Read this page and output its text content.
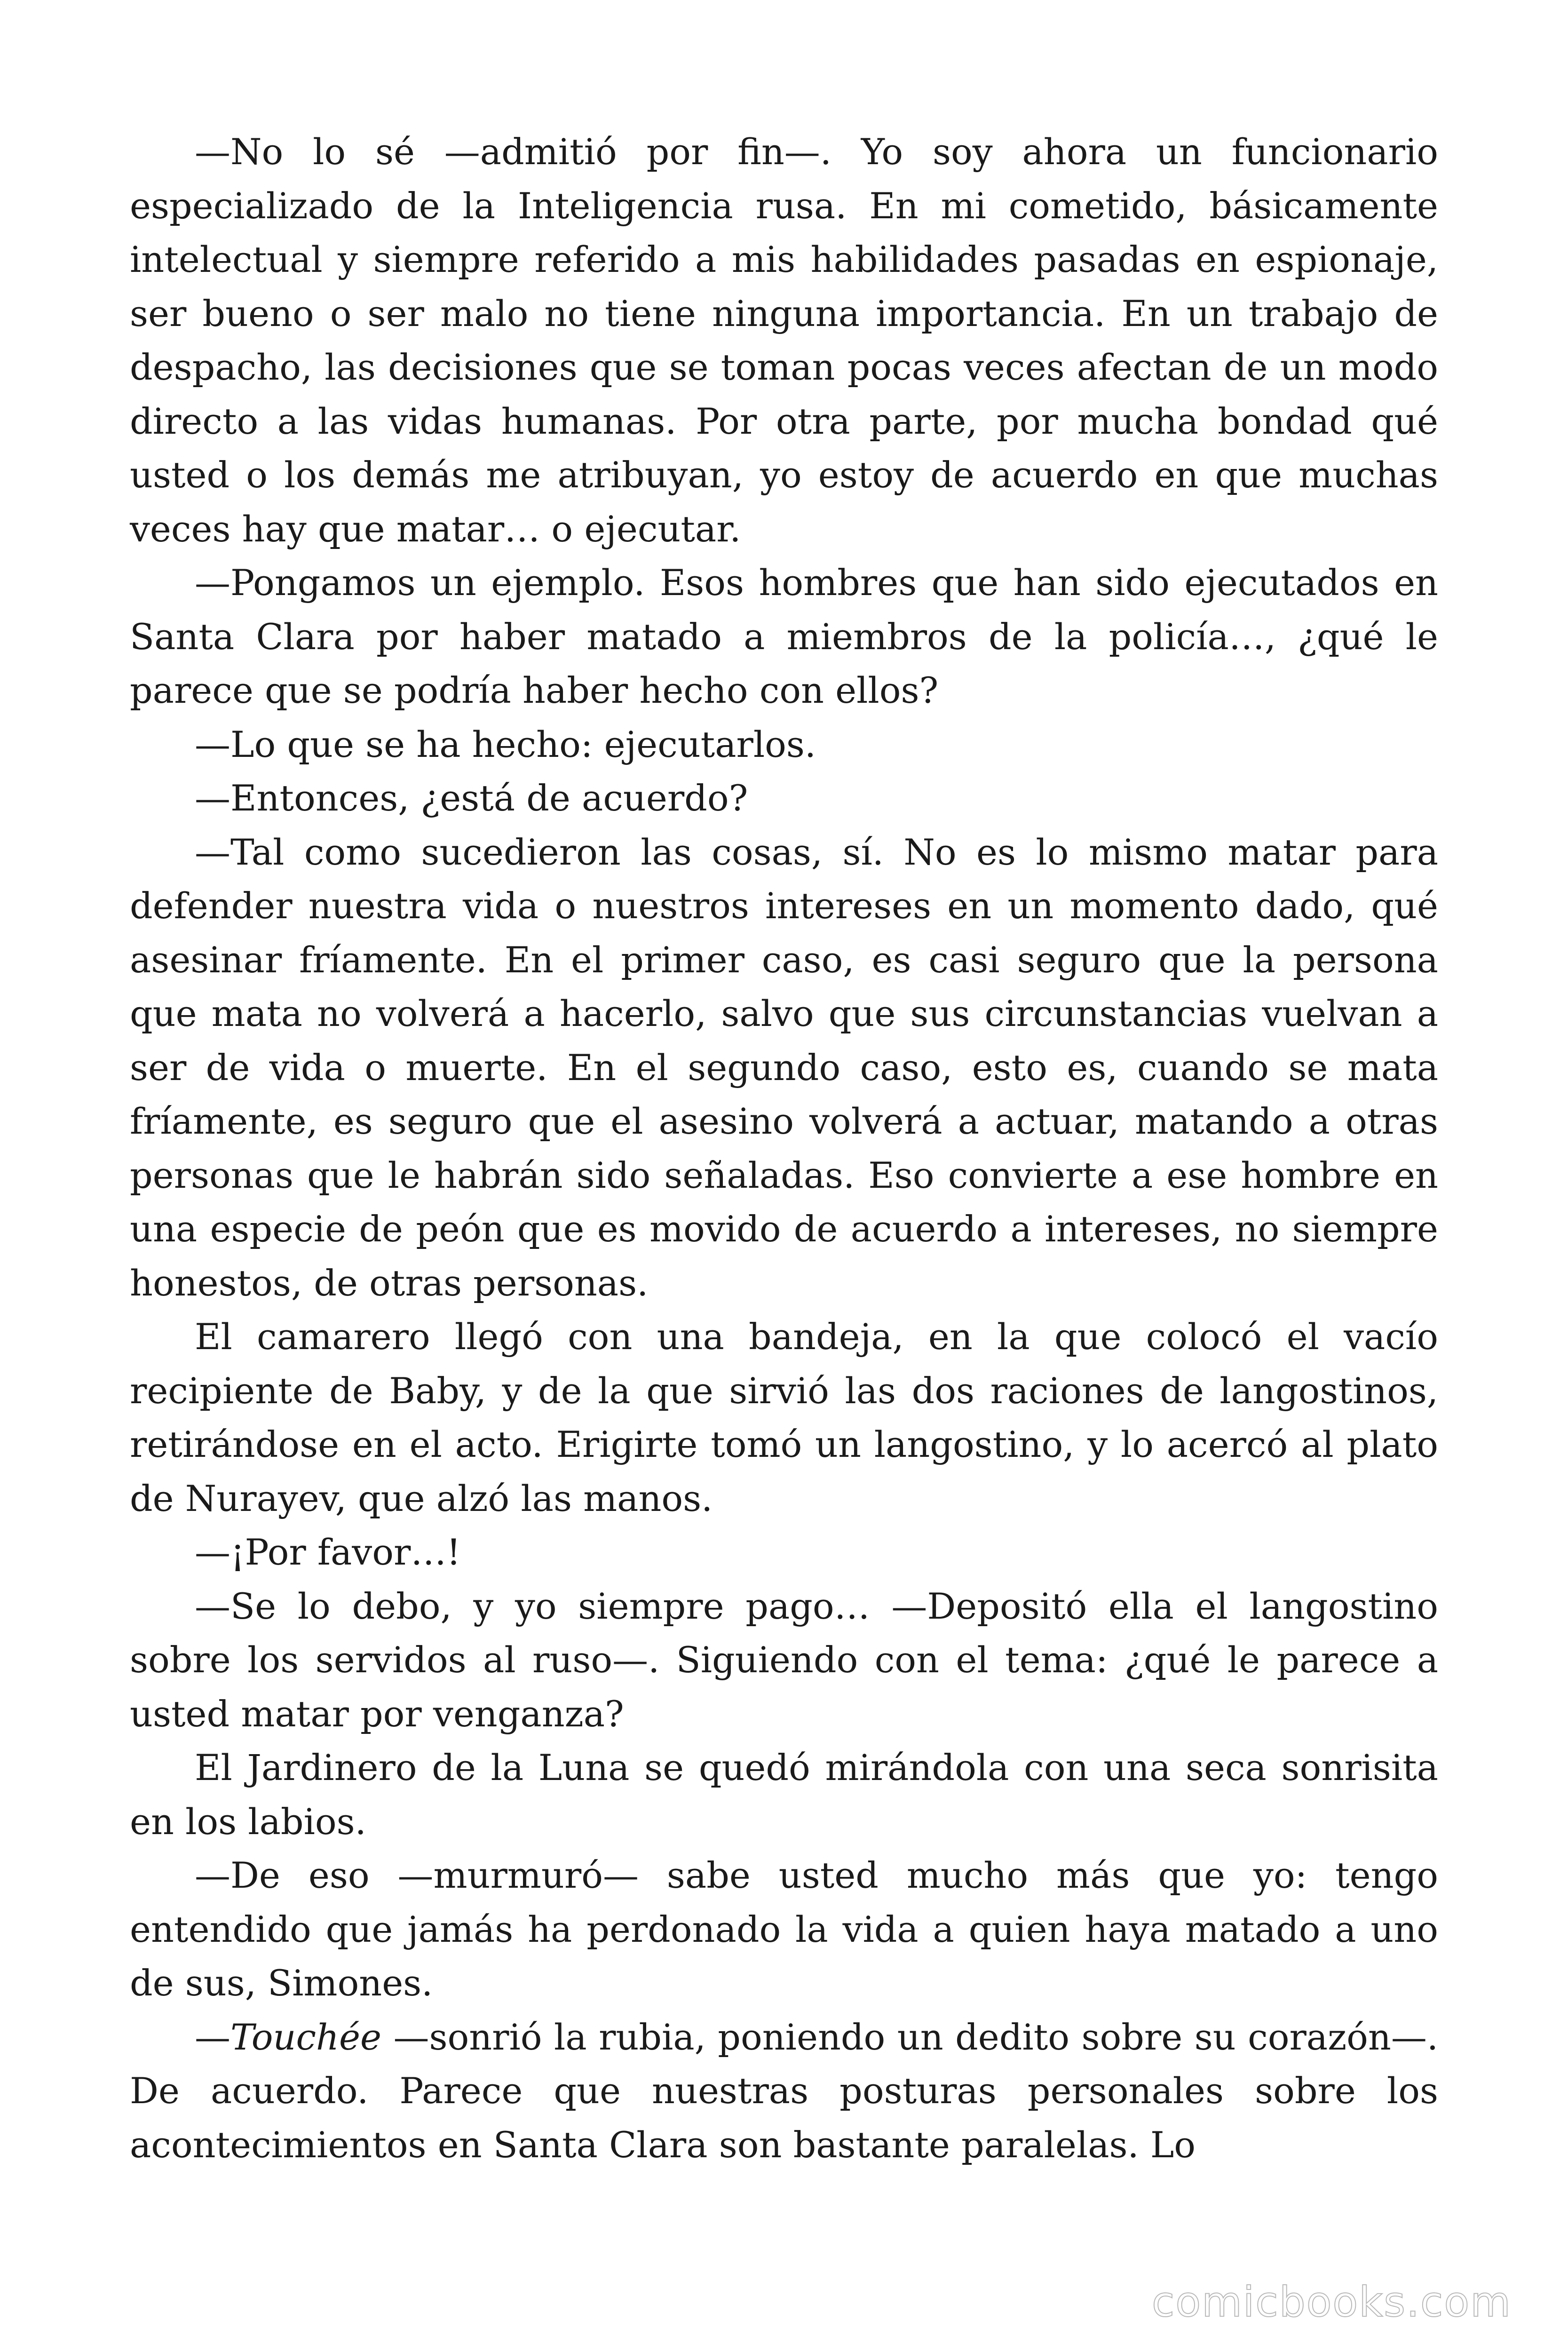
—No lo sé —admitió por fin—. Yo soy ahora un funcionario especializado de la Inteligencia rusa. En mi cometido, básicamente intelectual y siempre referido a mis habilidades pasadas en espionaje, ser bueno o ser malo no tiene ninguna importancia. En un trabajo de despacho, las decisiones que se toman pocas veces afectan de un modo directo a las vidas humanas. Por otra parte, por mucha bondad qué usted o los demás me atribuyan, yo estoy de acuerdo en que muchas veces hay que matar… o ejecutar.

—Pongamos un ejemplo. Esos hombres que han sido ejecutados en Santa Clara por haber matado a miembros de la policía…, ¿qué le parece que se podría haber hecho con ellos?

—Lo que se ha hecho: ejecutarlos.

—Entonces, ¿está de acuerdo?

—Tal como sucedieron las cosas, sí. No es lo mismo matar para defender nuestra vida o nuestros intereses en un momento dado, qué asesinar fríamente. En el primer caso, es casi seguro que la persona que mata no volverá a hacerlo, salvo que sus circunstancias vuelvan a ser de vida o muerte. En el segundo caso, esto es, cuando se mata fríamente, es seguro que el asesino volverá a actuar, matando a otras personas que le habrán sido señaladas. Eso convierte a ese hombre en una especie de peón que es movido de acuerdo a intereses, no siempre honestos, de otras personas.

El camarero llegó con una bandeja, en la que colocó el vacío recipiente de Baby, y de la que sirvió las dos raciones de langostinos, retirándose en el acto. Erigirte tomó un langostino, y lo acercó al plato de Nurayev, que alzó las manos.

—¡Por favor…!

—Se lo debo, y yo siempre pago… —Depositó ella el langostino sobre los servidos al ruso—. Siguiendo con el tema: ¿qué le parece a usted matar por venganza?

El Jardinero de la Luna se quedó mirándola con una seca sonrisita en los labios.

—De eso —murmuró— sabe usted mucho más que yo: tengo entendido que jamás ha perdonado la vida a quien haya matado a uno de sus, Simones.

—Touchée —sonrió la rubia, poniendo un dedito sobre su corazón—. De acuerdo. Parece que nuestras posturas personales sobre los acontecimientos en Santa Clara son bastante paralelas. Lo

comicbooks.com
